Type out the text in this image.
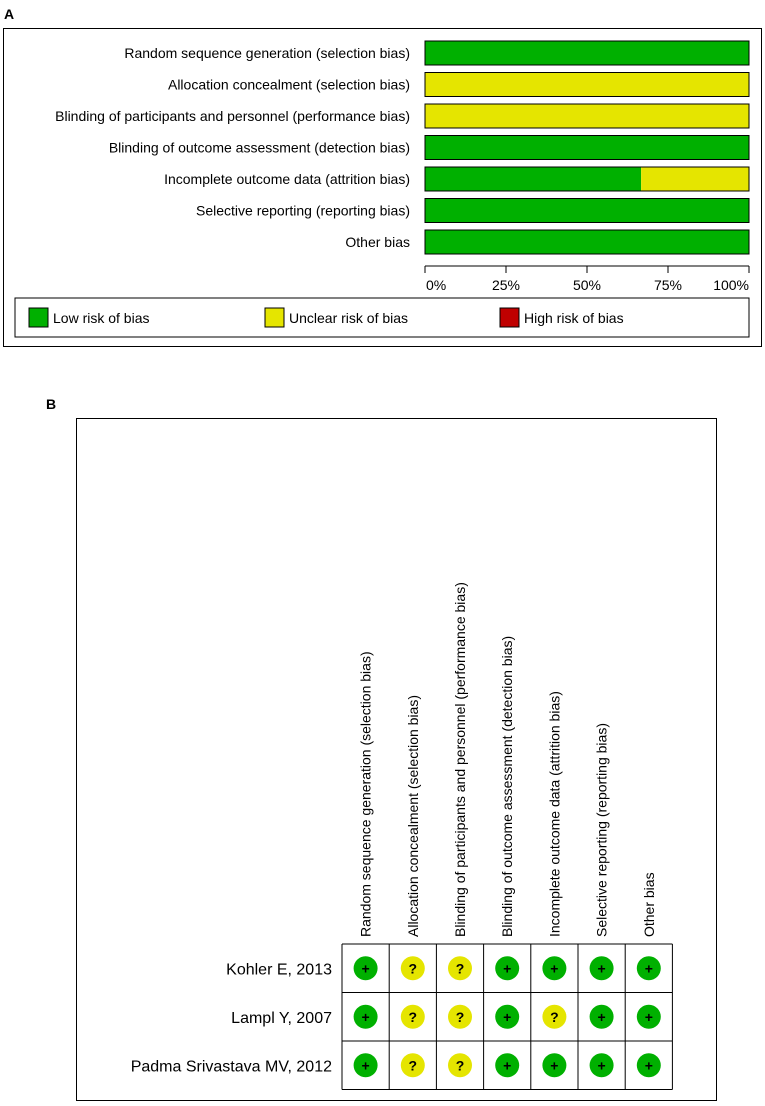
A
Random sequence generation (selection bias)
Allocation concealment (selection bias)
Blinding of participants and personnel (performance bias)
Blinding of outcome assessment (detection bias)
Incomplete outcome data (attrition bias)
Selective reporting (reporting bias)
Other bias
0%	25%	50%	75% 100%
Low risk of bias	Unclear risk of bias	High risk of bias
B
Random sequence generation (selection bias) Allocation concealment (selection bias) Blinding of participants and personnel (performance bias) Blinding of outcome assessment (detection bias) Incomplete outcome data (attrition bias) Selective reporting (reporting bias) Other bias
Kohler E, 2013 +	?	?	+	+	+	+
Lampl Y, 2007 +	?	?	+	?	+	+
Padma Srivastava MV, 2012 +	?	?	+	+	+	+
